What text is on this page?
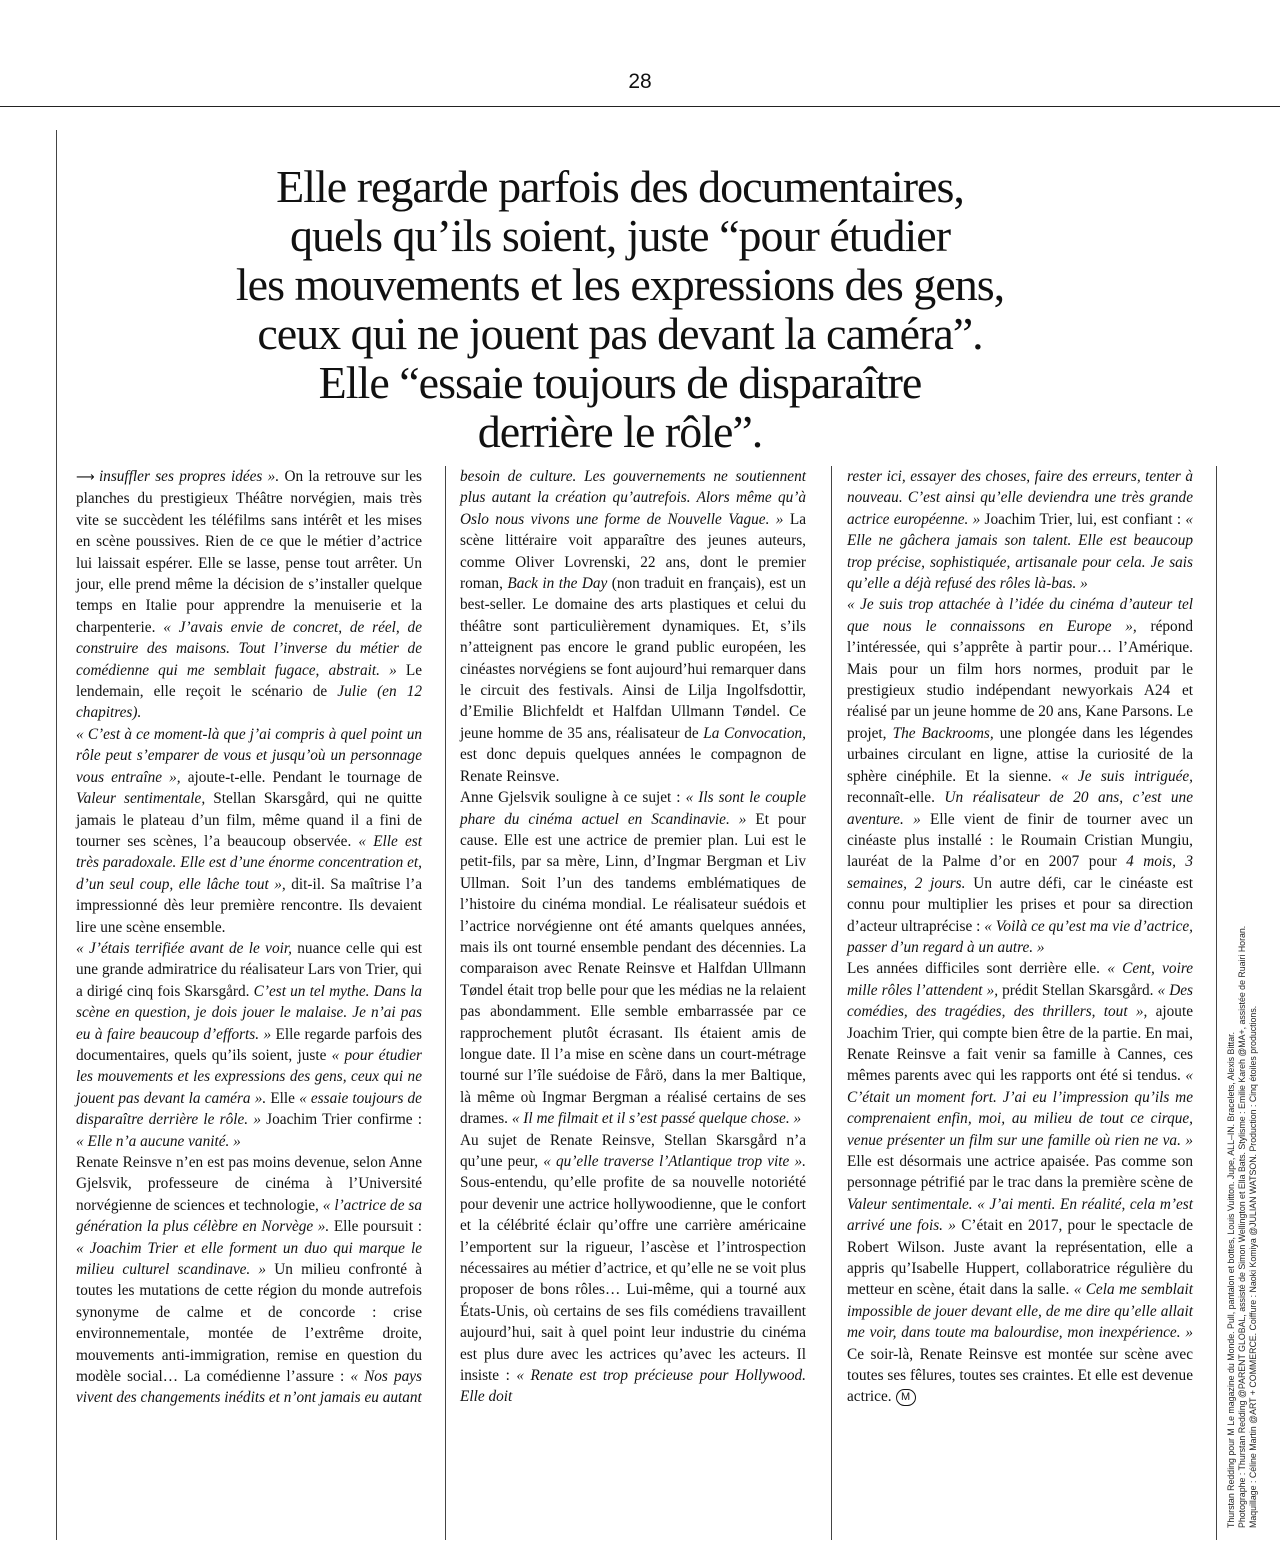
28
Elle regarde parfois des documentaires,
quels qu’ils soient, juste “pour étudier
les mouvements et les expressions des gens,
ceux qui ne jouent pas devant la caméra”.
Elle “essaie toujours de disparaître
derrière le rôle”.

⟶ insuffler ses propres idées ». On la retrouve sur les planches du prestigieux Théâtre norvégien, mais très vite se succèdent les téléfilms sans intérêt et les mises en scène poussives. Rien de ce que le métier d’actrice lui laissait espérer. Elle se lasse, pense tout arrêter. Un jour, elle prend même la décision de s’installer quelque temps en Italie pour apprendre la menuiserie et la charpenterie. « J’avais envie de concret, de réel, de construire des maisons. Tout l’inverse du métier de comédienne qui me semblait fugace, abstrait. » Le lendemain, elle reçoit le scénario de Julie (en 12 chapitres).

« C’est à ce moment-là que j’ai compris à quel point un rôle peut s’emparer de vous et jusqu’où un personnage vous entraîne », ajoute-t-elle. Pendant le tournage de Valeur sentimentale, Stellan Skarsgård, qui ne quitte jamais le plateau d’un film, même quand il a fini de tourner ses scènes, l’a beaucoup observée. « Elle est très paradoxale. Elle est d’une énorme concentration et, d’un seul coup, elle lâche tout », dit-il. Sa maîtrise l’a impressionné dès leur première rencontre. Ils devaient lire une scène ensemble.

« J’étais terrifiée avant de le voir, nuance celle qui est une grande admiratrice du réalisateur Lars von Trier, qui a dirigé cinq fois Skarsgård. C’est un tel mythe. Dans la scène en question, je dois jouer le malaise. Je n’ai pas eu à faire beaucoup d’efforts. » Elle regarde parfois des documentaires, quels qu’ils soient, juste « pour étudier les mouvements et les expressions des gens, ceux qui ne jouent pas devant la caméra ». Elle « essaie toujours de disparaître derrière le rôle. » Joachim Trier confirme : « Elle n’a aucune vanité. »

Renate Reinsve n’en est pas moins devenue, selon Anne Gjelsvik, professeure de cinéma à l’Université norvégienne de sciences et technologie, « l’actrice de sa génération la plus célèbre en Norvège ». Elle poursuit : « Joachim Trier et elle forment un duo qui marque le milieu culturel scandinave. » Un milieu confronté à toutes les mutations de cette région du monde autrefois synonyme de calme et de concorde : crise environnementale, montée de l’extrême droite, mouvements anti-immigration, remise en question du modèle social… La comédienne l’assure : « Nos pays vivent des changements inédits et n’ont jamais eu autant

besoin de culture. Les gouvernements ne soutiennent plus autant la création qu’autrefois. Alors même qu’à Oslo nous vivons une forme de Nouvelle Vague. » La scène littéraire voit apparaître des jeunes auteurs, comme Oliver Lovrenski, 22 ans, dont le premier roman, Back in the Day (non traduit en français), est un best-seller. Le domaine des arts plastiques et celui du théâtre sont particulièrement dynamiques. Et, s’ils n’atteignent pas encore le grand public européen, les cinéastes norvégiens se font aujourd’hui remarquer dans le circuit des festivals. Ainsi de Lilja Ingolfsdottir, d’Emilie Blichfeldt et Halfdan Ullmann Tøndel. Ce jeune homme de 35 ans, réalisateur de La Convocation, est donc depuis quelques années le compagnon de Renate Reinsve.

Anne Gjelsvik souligne à ce sujet : « Ils sont le couple phare du cinéma actuel en Scandinavie. » Et pour cause. Elle est une actrice de premier plan. Lui est le petit-fils, par sa mère, Linn, d’Ingmar Bergman et Liv Ullman. Soit l’un des tandems emblématiques de l’histoire du cinéma mondial. Le réalisateur suédois et l’actrice norvégienne ont été amants quelques années, mais ils ont tourné ensemble pendant des décennies. La comparaison avec Renate Reinsve et Halfdan Ullmann Tøndel était trop belle pour que les médias ne la relaient pas abondamment. Elle semble embarrassée par ce rapprochement plutôt écrasant. Ils étaient amis de longue date. Il l’a mise en scène dans un court-métrage tourné sur l’île suédoise de Fårö, dans la mer Baltique, là même où Ingmar Bergman a réalisé certains de ses drames. « Il me filmait et il s’est passé quelque chose. »

Au sujet de Renate Reinsve, Stellan Skarsgård n’a qu’une peur, « qu’elle traverse l’Atlantique trop vite ». Sous-entendu, qu’elle profite de sa nouvelle notoriété pour devenir une actrice hollywoodienne, que le confort et la célébrité éclair qu’offre une carrière américaine l’emportent sur la rigueur, l’ascèse et l’introspection nécessaires au métier d’actrice, et qu’elle ne se voit plus proposer de bons rôles… Lui-même, qui a tourné aux États-Unis, où certains de ses fils comédiens travaillent aujourd’hui, sait à quel point leur industrie du cinéma est plus dure avec les actrices qu’avec les acteurs. Il insiste : « Renate est trop précieuse pour Hollywood. Elle doit

rester ici, essayer des choses, faire des erreurs, tenter à nouveau. C’est ainsi qu’elle deviendra une très grande actrice européenne. » Joachim Trier, lui, est confiant : « Elle ne gâchera jamais son talent. Elle est beaucoup trop précise, sophistiquée, artisanale pour cela. Je sais qu’elle a déjà refusé des rôles là-bas. »

« Je suis trop attachée à l’idée du cinéma d’auteur tel que nous le connaissons en Europe », répond l’intéressée, qui s’apprête à partir pour… l’Amérique. Mais pour un film hors normes, produit par le prestigieux studio indépendant newyorkais A24 et réalisé par un jeune homme de 20 ans, Kane Parsons. Le projet, The Backrooms, une plongée dans les légendes urbaines circulant en ligne, attise la curiosité de la sphère cinéphile. Et la sienne. « Je suis intriguée, reconnaît-elle. Un réalisateur de 20 ans, c’est une aventure. » Elle vient de finir de tourner avec un cinéaste plus installé : le Roumain Cristian Mungiu, lauréat de la Palme d’or en 2007 pour 4 mois, 3 semaines, 2 jours. Un autre défi, car le cinéaste est connu pour multiplier les prises et pour sa direction d’acteur ultraprécise : « Voilà ce qu’est ma vie d’actrice, passer d’un regard à un autre. »

Les années difficiles sont derrière elle. « Cent, voire mille rôles l’attendent », prédit Stellan Skarsgård. « Des comédies, des tragédies, des thrillers, tout », ajoute Joachim Trier, qui compte bien être de la partie. En mai, Renate Reinsve a fait venir sa famille à Cannes, ces mêmes parents avec qui les rapports ont été si tendus. « C’était un moment fort. J’ai eu l’impression qu’ils me comprenaient enfin, moi, au milieu de tout ce cirque, venue présenter un film sur une famille où rien ne va. » Elle est désormais une actrice apaisée. Pas comme son personnage pétrifié par le trac dans la première scène de Valeur sentimentale. « J’ai menti. En réalité, cela m’est arrivé une fois. » C’était en 2017, pour le spectacle de Robert Wilson. Juste avant la représentation, elle a appris qu’Isabelle Huppert, collaboratrice régulière du metteur en scène, était dans la salle. « Cela me semblait impossible de jouer devant elle, de me dire qu’elle allait me voir, dans toute ma balourdise, mon inexpérience. » Ce soir-là, Renate Reinsve est montée sur scène avec toutes ses fêlures, toutes ses craintes. Et elle est devenue actrice. M	Thurstan Redding pour M Le magazine du Monde. Pull, pantalon et bottes, Louis Vuitton. Jupe, ALL–IN. Bracelets, Alexis Bittar. Photographe : Thurstan Redding @PARENT GLOBAL, assisté de Simon Wellington et Ella Bats. Stylisme : Emilie Kareh @MA+, assistée de Ruairi Horan. Maquillage : Céline Martin @ART + COMMERCE. Coiffure : Naoki Komiya @JULIAN WATSON. Production : Cinq étoiles productions.
